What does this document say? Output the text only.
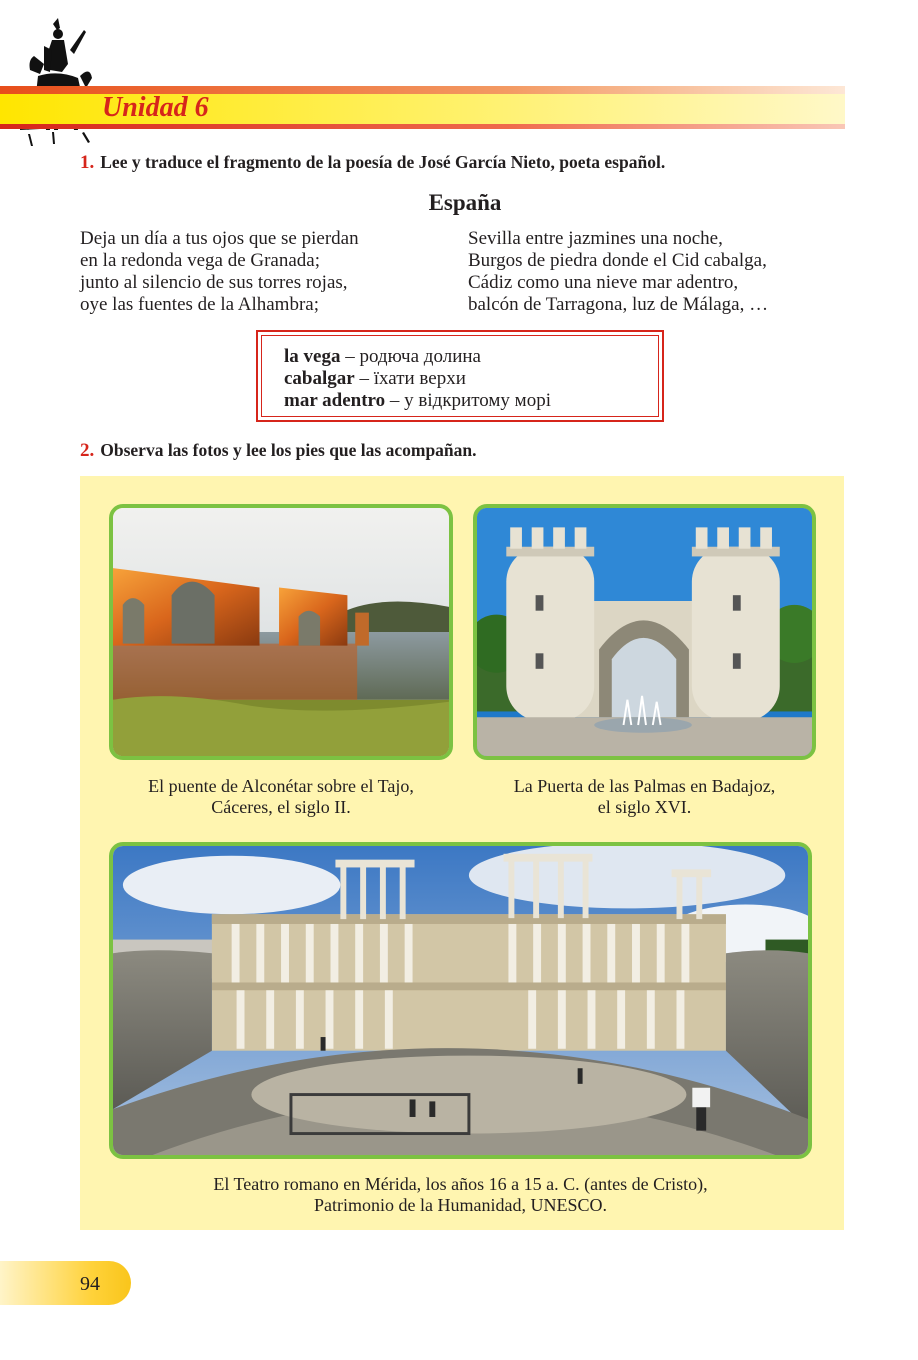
Unidad 6
1. Lee y traduce el fragmento de la poesía de José García Nieto, poeta español.
España
Deja un día a tus ojos que se pierdan
en la redonda vega de Granada;
junto al silencio de sus torres rojas,
oye las fuentes de la Alhambra;
Sevilla entre jazmines una noche,
Burgos de piedra donde el Cid cabalga,
Cádiz como una nieve mar adentro,
balcón de Tarragona, luz de Málaga, …
la vega – родюча долина
cabalgar – їхати верхи
mar adentro – у відкритому морі
2. Observa las fotos y lee los pies que las acompañan.
El puente de Alconétar sobre el Tajo,
Cáceres, el siglo II.
La Puerta de las Palmas en Badajoz,
el siglo XVI.
El Teatro romano en Mérida, los años 16 a 15 a. C. (antes de Cristo),
Patrimonio de la Humanidad, UNESCO.
94
